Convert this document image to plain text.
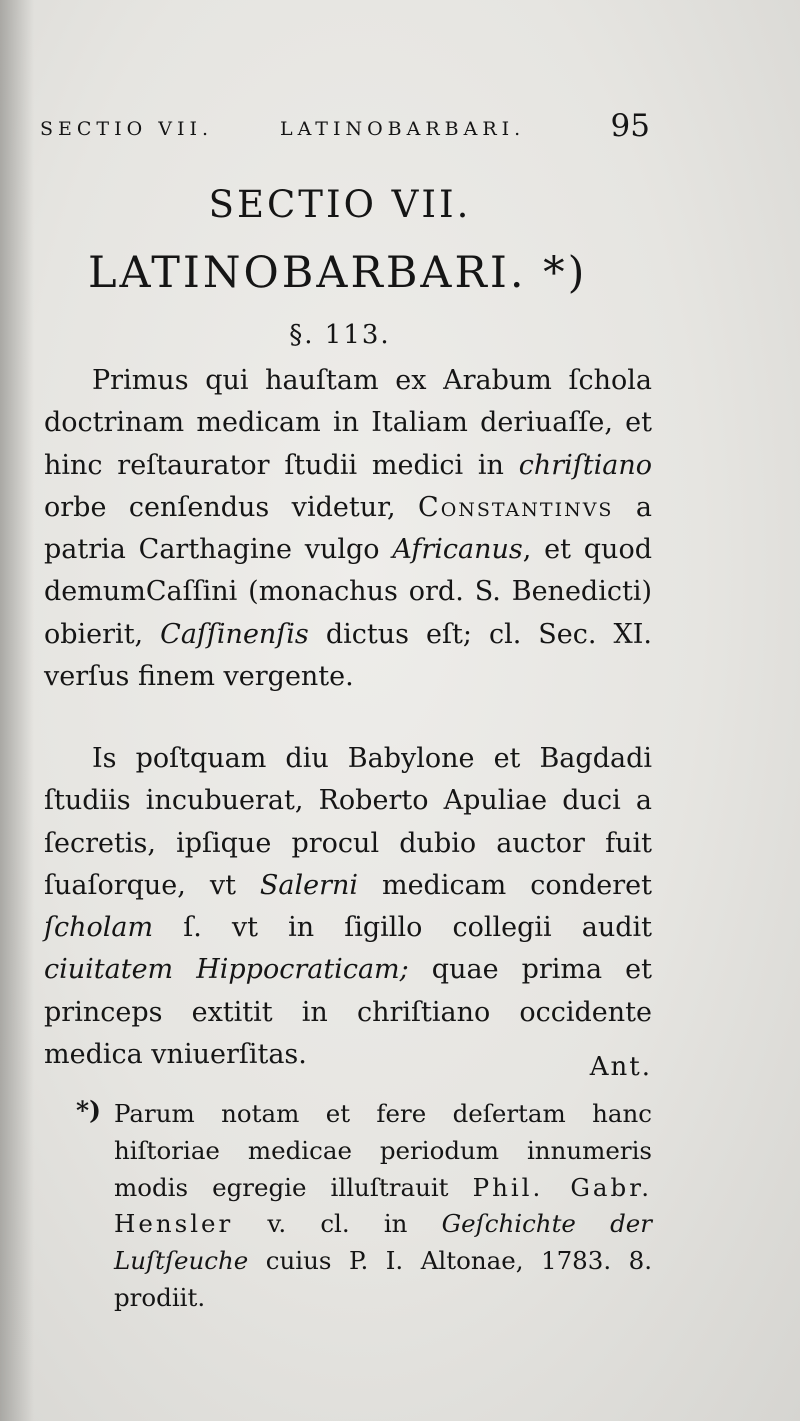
SECTIO VII.	LATINOBARBARI.	95
SECTIO VII.
LATINOBARBARI. *)
§. 113.

Primus qui hauſtam ex Arabum ſchola doctrinam medicam in Italiam deriuaſſe, et hinc reſtaurator ſtudii medici in chriſtiano orbe cenſendus videtur, Constantinvs a patria Carthagine vulgo Africanus, et quod demumCaſſini (monachus ord. S. Benedicti) obierit, Caſſinenſis dictus eſt; cl. Sec. XI. verſus finem vergente.

Is poſtquam diu Babylone et Bagdadi ſtudiis incubuerat, Roberto Apuliae duci a ſecretis, ipſique procul dubio auctor fuit ſuaſorque, vt Salerni medicam conderet ſcholam ſ. vt in ſigillo collegii audit ciuitatem Hippocraticam; quae prima et princeps extitit in chriſtiano occidente medica vniuerſitas.	Ant.
*) Parum notam et fere deſertam hanc hiſtoriae medicae periodum innumeris modis egregie illuſtrauit Phil. Gabr. Hensler v. cl. in Geſchichte der Luſtſeuche cuius P. I. Altonae, 1783. 8. prodiit.
